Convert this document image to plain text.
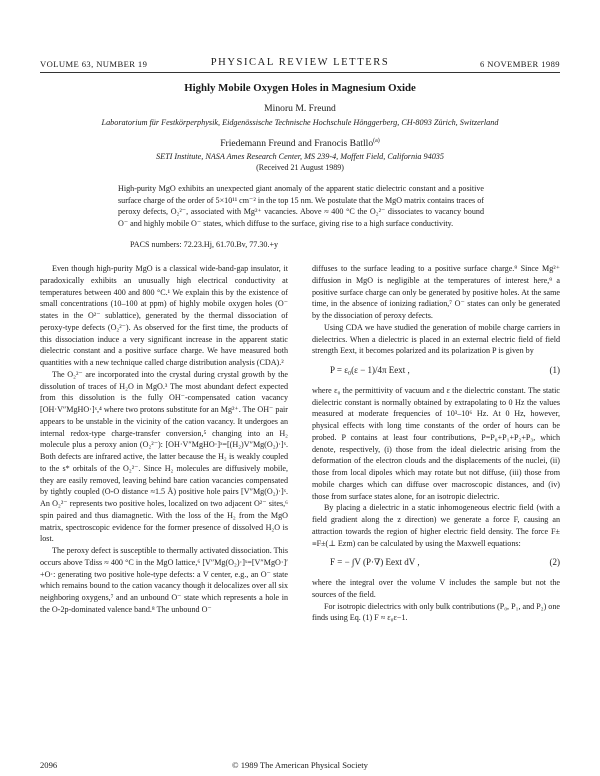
VOLUME 63, NUMBER 19	PHYSICAL REVIEW LETTERS	6 NOVEMBER 1989
Highly Mobile Oxygen Holes in Magnesium Oxide
Minoru M. Freund
Laboratorium für Festkörperphysik, Eidgenössische Technische Hochschule Hönggerberg, CH-8093 Zürich, Switzerland
Friedemann Freund and Franocis Batllo$^{(a)}$
SETI Institute, NASA Ames Research Center, MS 239-4, Moffett Field, California 94035
(Received 21 August 1989)
High-purity MgO exhibits an unexpected giant anomaly of the apparent static dielectric constant and a positive surface charge of the order of 5×10¹¹ cm⁻² in the top 15 nm. We postulate that the MgO matrix contains traces of peroxy defects, O₂²⁻, associated with Mg²⁺ vacancies. Above ≈ 400 °C the O₂²⁻ dissociates to vacancy bound O⁻ and highly mobile O⁻ states, which diffuse to the surface, giving rise to a high surface conductivity.
PACS numbers: 72.23.Hj, 61.70.Bv, 77.30.+y

Even though high-purity MgO is a classical wide-band-gap insulator, it paradoxically exhibits an unusually high electrical conductivity at temperatures between 400 and 800 °C.¹ We explain this by the existence of small concentrations (10–100 at ppm) of highly mobile oxygen holes (O⁻ states in the O²⁻ sublattice), generated by the thermal dissociation of peroxy-type defects (O₂²⁻). As observed for the first time, the products of this dissociation induce a very significant increase in the apparent static dielectric constant and a positive surface charge. We have measured both quantities with a new technique called charge distribution analysis (CDA).²

The O₂²⁻ are incorporated into the crystal during crystal growth by the dissolution of traces of H₂O in MgO.³ The most abundant defect expected from this dissolution is the fully OH⁻-compensated cation vacancy [OH·V″MgHO·]ˣ,⁴ where two protons substitute for an Mg²⁺. The OH⁻ pair appears to be unstable in the vicinity of the cation vacancy. It undergoes an internal redox-type charge-transfer conversion,⁵ changing into an H₂ molecule plus a peroxy anion (O₂²⁻): [OH·V″MgHO·]ˣ=[(H₂)V″Mg(O₂)·]ˣ. Both defects are infrared active, the latter because the H₂ is weakly coupled to the s* orbitals of the O₂²⁻. Since H₂ molecules are diffusively mobile, they are easily removed, leaving behind bare cation vacancies compensated by tightly coupled (O-O distance ≈1.5 Å) positive hole pairs [V″Mg(O₂)·]ˣ. An O₂²⁻ represents two positive holes, localized on two adjacent O²⁻ sites,⁶ spin paired and thus diamagnetic. With the loss of the H₂ from the MgO matrix, spectroscopic evidence for the former presence of dissolved H₂O is lost.

The peroxy defect is susceptible to thermally activated dissociation. This occurs above Tdiss ≈ 400 °C in the MgO lattice,⁶ [V″Mg(O₂)·]ˣ=[V″MgO·]′+O·: generating two positive hole-type defects: a V center, e.g., an O⁻ state which remains bound to the cation vacancy though it delocalizes over all six neighboring oxygens,⁷ and an unbound O⁻ state which represents a hole in the O-2p-dominated valence band.⁸ The unbound O⁻

diffuses to the surface leading to a positive surface charge.⁹ Since Mg²⁺ diffusion in MgO is negligible at the temperatures of interest here,⁹ a positive surface charge can only be generated by positive holes. At the same time, in the absence of ionizing radiation,⁷ O⁻ states can only be generated by the dissociation of peroxy defects.

Using CDA we have studied the generation of mobile charge carriers in dielectrics. When a dielectric is placed in an external electric field of field strength Eext, it becomes polarized and its polarization P is given by

P = ε₀(ε − 1)/4π Eext ,	(1)

where ε₀ the permittivity of vacuum and ε the dielectric constant. The static dielectric constant is normally obtained by extrapolating to 0 Hz the values measured at moderate frequencies of 10³–10⁶ Hz. At 0 Hz, however, physical effects with long time constants of the order of hours can be probed. P contains at least four contributions, P=P₀+P₁+P₂+P₃, which denote, respectively, (i) those from the ideal dielectric arising from the deformation of the electron clouds and the displacements of the nuclei, (ii) those from local dipoles which may rotate but not diffuse, (iii) those from mobile charges which can diffuse over macroscopic distances, and (iv) those from surface states alone, for an isotropic dielectric.

By placing a dielectric in a static inhomogeneous electric field (with a field gradient along the z direction) we generate a force F, causing an attraction towards the region of higher electric field density. The force F± ≡F±(⊥ Ezm) can be calculated by using the Maxwell equations:

F = − ∫V (P·∇) Eext dV ,	(2)

where the integral over the volume V includes the sample but not the sources of the field.

For isotropic dielectrics with only bulk contributions (P₀, P₁, and P₂) one finds using Eq. (1) F ≈ ε₀ε−1.

2096	© 1989 The American Physical Society
